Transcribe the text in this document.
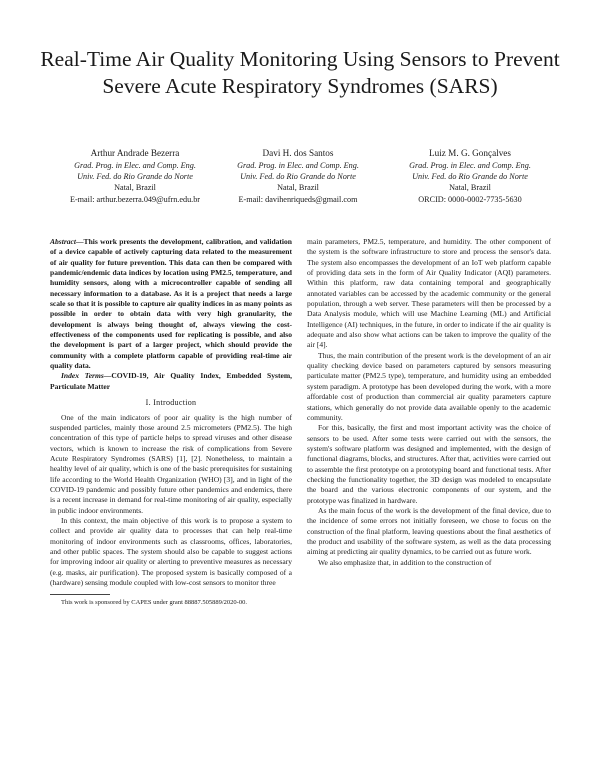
Real-Time Air Quality Monitoring Using Sensors to Prevent Severe Acute Respiratory Syndromes (SARS)
Arthur Andrade Bezerra
Grad. Prog. in Elec. and Comp. Eng.
Univ. Fed. do Rio Grande do Norte
Natal, Brazil
E-mail: arthur.bezerra.049@ufrn.edu.br
Davi H. dos Santos
Grad. Prog. in Elec. and Comp. Eng.
Univ. Fed. do Rio Grande do Norte
Natal, Brazil
E-mail: davihenriqueds@gmail.com
Luiz M. G. Gonçalves
Grad. Prog. in Elec. and Comp. Eng.
Univ. Fed. do Rio Grande do Norte
Natal, Brazil
ORCID: 0000-0002-7735-5630

Abstract—This work presents the development, calibration, and validation of a device capable of actively capturing data related to the measurement of air quality for future prevention. This data can then be compared with pandemic/endemic data indices by location using PM2.5, temperature, and humidity sensors, along with a microcontroller capable of sending all necessary information to a database. As it is a project that needs a large scale so that it is possible to capture air quality indices in as many points as possible in order to obtain data with very high granularity, the development is always being thought of, always viewing the cost-effectiveness of the components used for replicating is possible, and also the development is part of a larger project, which should provide the community with a complete platform capable of providing real-time air quality data.

Index Terms—COVID-19, Air Quality Index, Embedded System, Particulate Matter

I. Introduction

One of the main indicators of poor air quality is the high number of suspended particles, mainly those around 2.5 micrometers (PM2.5). The high concentration of this type of particle helps to spread viruses and other disease vectors, which is known to increase the risk of complications from Severe Acute Respiratory Syndromes (SARS) [1], [2]. Nonetheless, to maintain a healthy level of air quality, which is one of the basic prerequisites for sustaining life according to the World Health Organization (WHO) [3], and in light of the COVID-19 pandemic and possibly future other pandemics and endemics, there is a recent increase in demand for real-time monitoring of air quality, especially in public indoor environments.

In this context, the main objective of this work is to propose a system to collect and provide air quality data to processes that can help real-time monitoring of indoor environments such as classrooms, offices, laboratories, and other public spaces. The system should also be capable to suggest actions for improving indoor air quality or alerting to preventive measures as necessary (e.g. masks, air purification). The proposed system is basically composed of a (hardware) sensing module coupled with low-cost sensors to monitor three

This work is sponsored by CAPES under grant 88887.505889/2020-00.

main parameters, PM2.5, temperature, and humidity. The other component of the system is the software infrastructure to store and process the sensor's data. The system also encompasses the development of an IoT web platform capable of providing data sets in the form of Air Quality Indicator (AQI) parameters. Within this platform, raw data containing temporal and geographically annotated variables can be accessed by the academic community or the general population, through a web server. These parameters will then be processed by a Data Analysis module, which will use Machine Learning (ML) and Artificial Intelligence (AI) techniques, in the future, in order to indicate if the air quality is adequate and also show what actions can be taken to improve the quality of the air [4].

Thus, the main contribution of the present work is the development of an air quality checking device based on parameters captured by sensors measuring particulate matter (PM2.5 type), temperature, and humidity using an embedded system paradigm. A prototype has been developed during the work, with a more affordable cost of production than commercial air quality parameters capture stations, which generally do not provide data available openly to the academic community.

For this, basically, the first and most important activity was the choice of sensors to be used. After some tests were carried out with the sensors, the system's software platform was designed and implemented, with the design of functional diagrams, blocks, and structures. After that, activities were carried out to assemble the first prototype on a prototyping board and functional tests. After checking the functionality together, the 3D design was modeled to encapsulate the board and the various electronic components of our system, and the prototype was finalized in hardware.

As the main focus of the work is the development of the final device, due to the incidence of some errors not initially foreseen, we chose to focus on the construction of the final platform, leaving questions about the final aesthetics of the product and usability of the software system, as well as the data processing aiming at predicting air quality dynamics, to be carried out as future work.

We also emphasize that, in addition to the construction of
